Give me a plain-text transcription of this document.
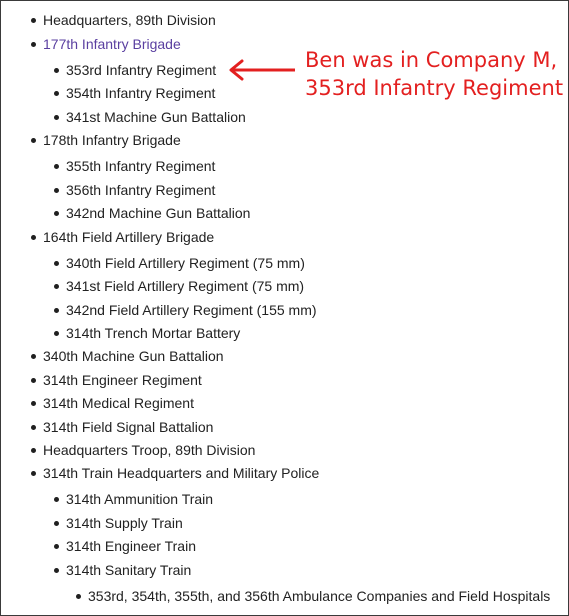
Headquarters, 89th Division
177th Infantry Brigade
353rd Infantry Regiment
354th Infantry Regiment
341st Machine Gun Battalion
178th Infantry Brigade
355th Infantry Regiment
356th Infantry Regiment
342nd Machine Gun Battalion
164th Field Artillery Brigade
340th Field Artillery Regiment (75 mm)
341st Field Artillery Regiment (75 mm)
342nd Field Artillery Regiment (155 mm)
314th Trench Mortar Battery
340th Machine Gun Battalion
314th Engineer Regiment
314th Medical Regiment
314th Field Signal Battalion
Headquarters Troop, 89th Division
314th Train Headquarters and Military Police
314th Ammunition Train
314th Supply Train
314th Engineer Train
314th Sanitary Train
353rd, 354th, 355th, and 356th Ambulance Companies and Field Hospitals
Ben was in Company M,
353rd Infantry Regiment
